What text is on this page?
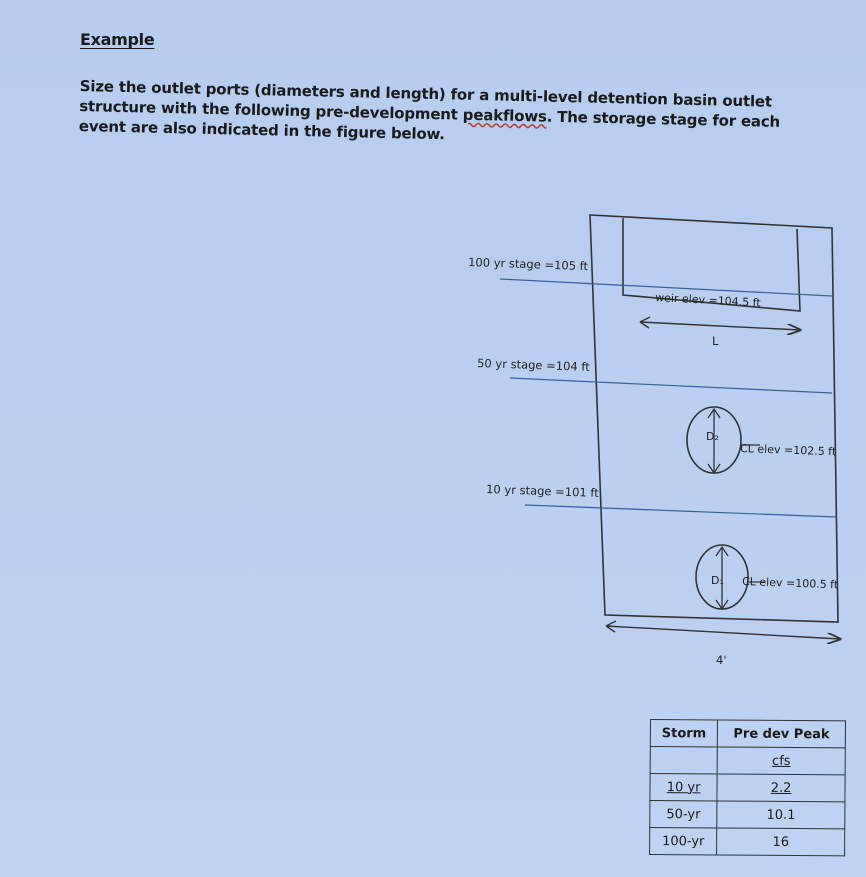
Example
Size the outlet ports (diameters and length) for a multi-level detention basin outlet structure with the following pre-development peakflows. The storage stage for each event are also indicated in the figure below.
100 yr stage =105 ft
weir elev =104.5 ft
L
50 yr stage =104 ft
D₂
CL elev =102.5 ft
10 yr stage =101 ft
D₁ CL elev =100.5 ft
4'
Storm	Pre dev Peak
	cfs
10 yr	2.2
50-yr	10.1
100-yr	16
